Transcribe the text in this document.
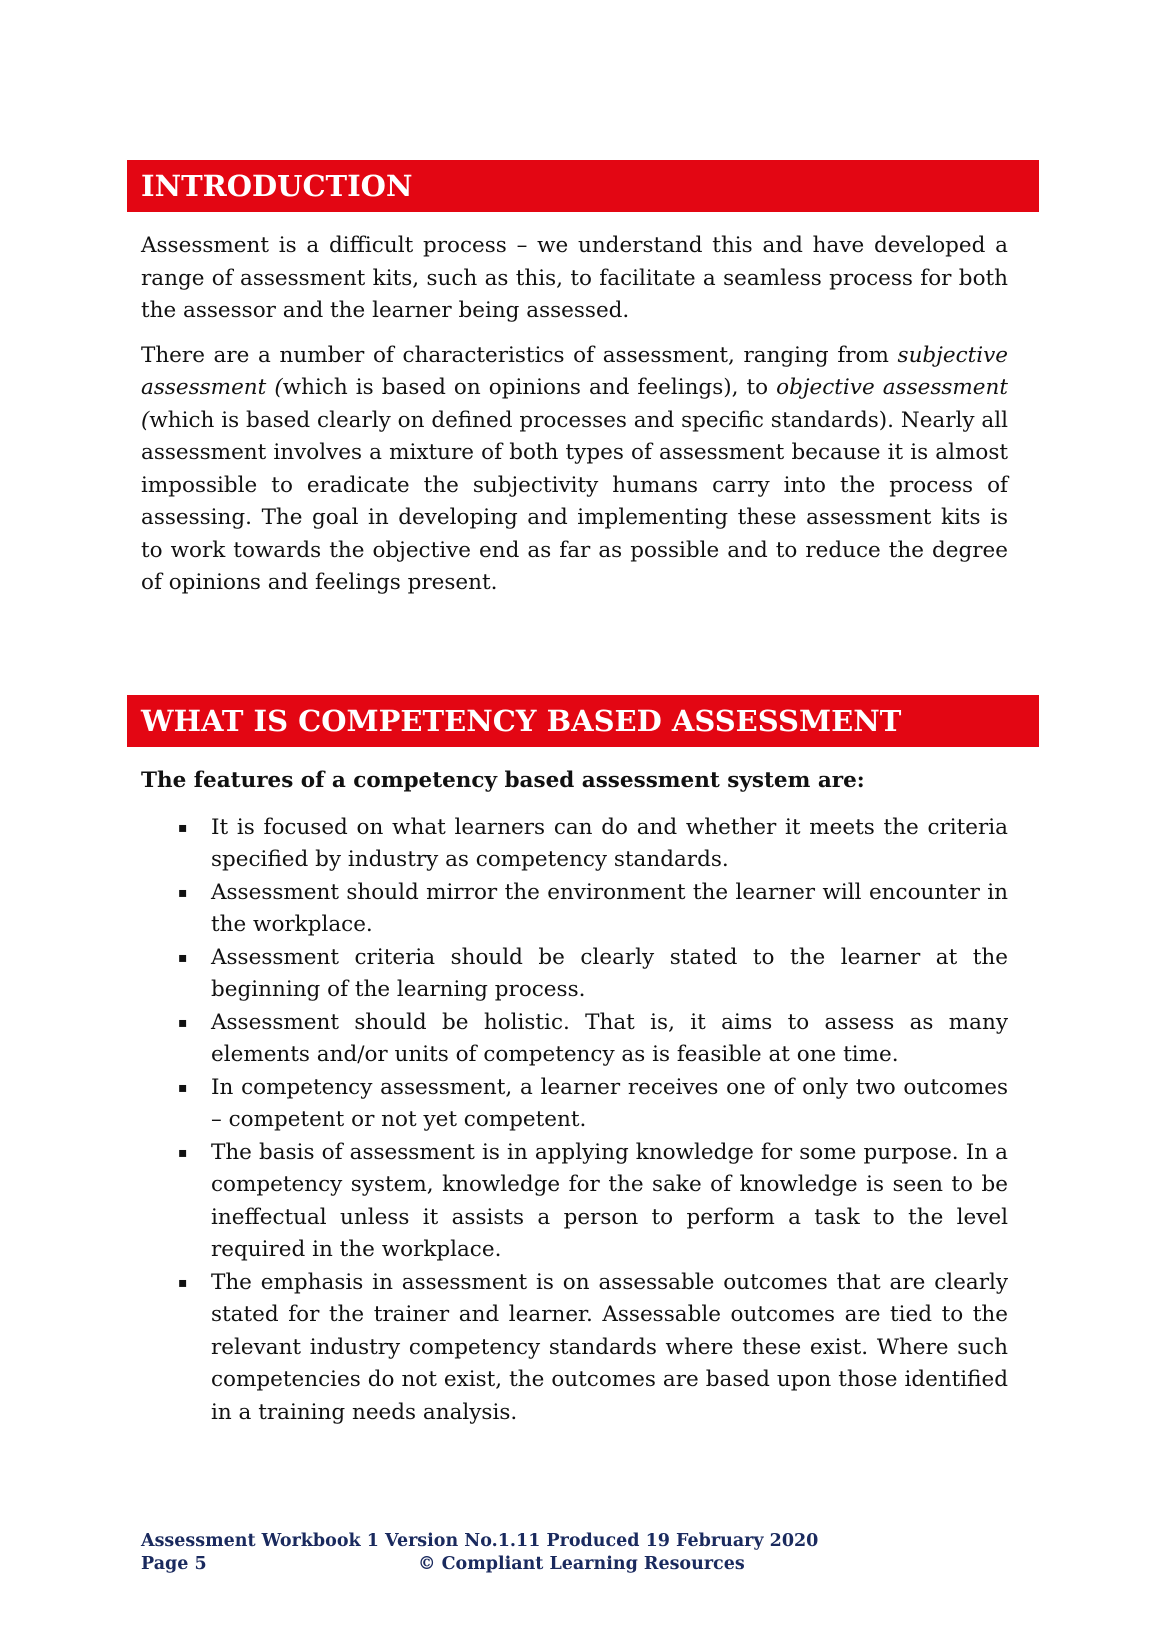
INTRODUCTION

Assessment is a difficult process – we understand this and have developed a range of assessment kits, such as this, to facilitate a seamless process for both the assessor and the learner being assessed.

There are a number of characteristics of assessment, ranging from subjective assessment (which is based on opinions and feelings), to objective assessment (which is based clearly on defined processes and specific standards). Nearly all assessment involves a mixture of both types of assessment because it is almost impossible to eradicate the subjectivity humans carry into the process of assessing. The goal in developing and implementing these assessment kits is to work towards the objective end as far as possible and to reduce the degree of opinions and feelings present.

WHAT IS COMPETENCY BASED ASSESSMENT

The features of a competency based assessment system are:

▪ It is focused on what learners can do and whether it meets the criteria specified by industry as competency standards.
▪ Assessment should mirror the environment the learner will encounter in the workplace.
▪ Assessment criteria should be clearly stated to the learner at the beginning of the learning process.
▪ Assessment should be holistic. That is, it aims to assess as many elements and/or units of competency as is feasible at one time.
▪ In competency assessment, a learner receives one of only two outcomes – competent or not yet competent.
▪ The basis of assessment is in applying knowledge for some purpose. In a competency system, knowledge for the sake of knowledge is seen to be ineffectual unless it assists a person to perform a task to the level required in the workplace.
▪ The emphasis in assessment is on assessable outcomes that are clearly stated for the trainer and learner. Assessable outcomes are tied to the relevant industry competency standards where these exist. Where such competencies do not exist, the outcomes are based upon those identified in a training needs analysis.
Assessment Workbook 1 Version No.1.11 Produced 19 February 2020
Page 5	© Compliant Learning Resources
